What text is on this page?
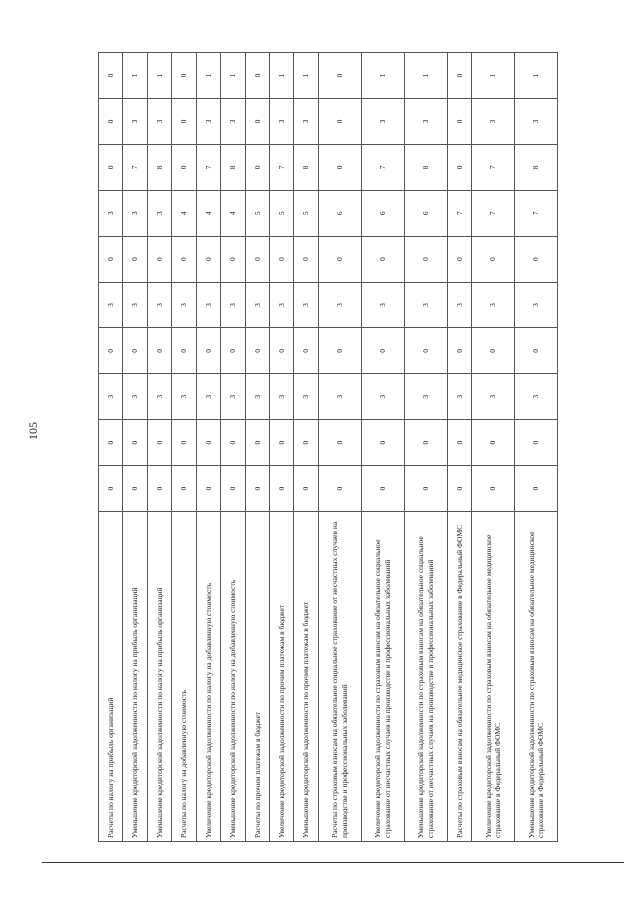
105
Расчеты по налогу на прибыль организаций	0	0	3	0	3	0	3	0	0	0
Уменьшение кредиторской задолженности по налогу на прибыль организаций	0	0	3	0	3	0	3	7	3	1
Уменьшение кредиторской задолженности по налогу на прибыль организаций	0	0	3	0	3	0	3	8	3	1
Расчеты по налогу на добавленную стоимость	0	0	3	0	3	0	4	0	0	0
Увеличение кредиторской задолженности по налогу на добавленную стоимость	0	0	3	0	3	0	4	7	3	1
Уменьшение кредиторской задолженности по налогу на добавленную стоимость	0	0	3	0	3	0	4	8	3	1
Расчеты по прочим платежам в бюджет	0	0	3	0	3	0	5	0	0	0
Увеличение кредиторской задолженности по прочим платежам в бюджет	0	0	3	0	3	0	5	7	3	1
Уменьшение кредиторской задолженности по прочим платежам в бюджет	0	0	3	0	3	0	5	8	3	1
Расчеты по страховым взносам на обязательное социальное страхование от несчастных случаев на производстве и профессиональных заболеваний	0	0	3	0	3	0	6	0	0	0
Увеличение кредиторской задолженности по страховым взносам на обязательное социальное страхование от несчастных случаев на производстве и профессиональных заболеваний	0	0	3	0	3	0	6	7	3	1
Уменьшение кредиторской задолженности по страховым взносам на обязательное социальное страхование от несчастных случаев на производстве и профессиональных заболеваний	0	0	3	0	3	0	6	8	3	1
Расчеты по страховым взносам на обязательное медицинское страхование в Федеральный ФОМС	0	0	3	0	3	0	7	0	0	0
Увеличение кредиторской задолженности по страховым взносам на обязательное медицинское страхование в Федеральный ФОМС	0	0	3	0	3	0	7	7	3	1
Уменьшение кредиторской задолженности по страховым взносам на обязательное медицинское страхование в Федеральный ФОМС	0	0	3	0	3	0	7	8	3	1
